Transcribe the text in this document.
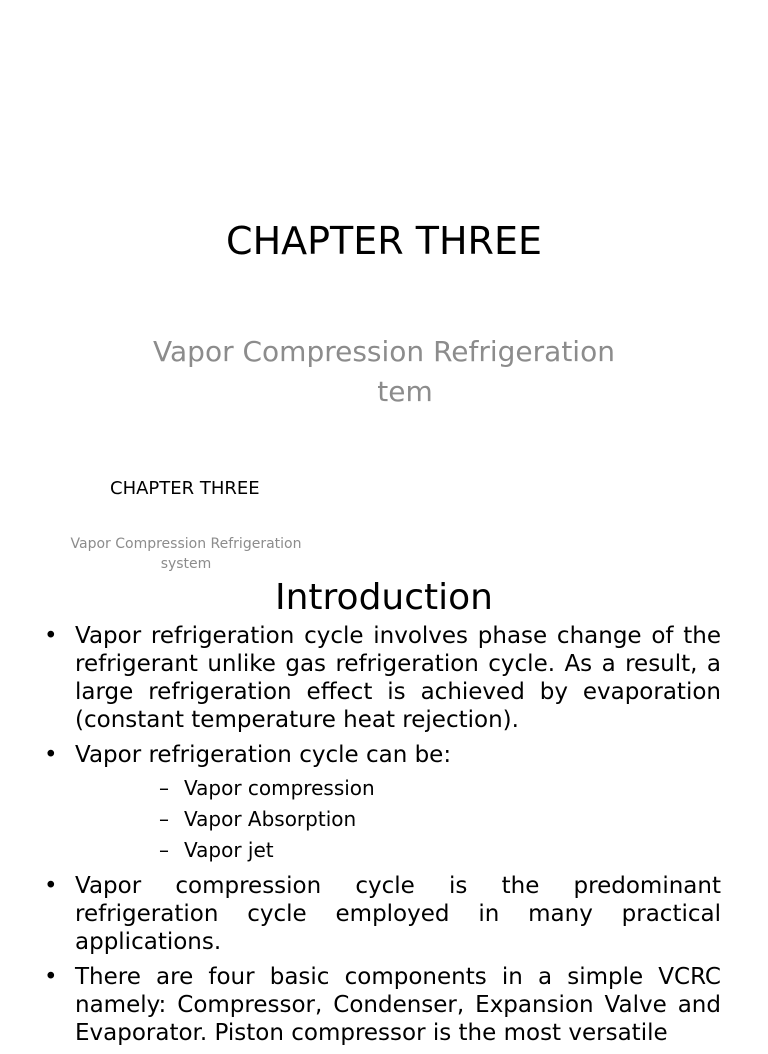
CHAPTER THREE

Vapor Compression Refrigeration
tem

CHAPTER THREE
Vapor Compression Refrigeration
system
Introduction
• Vapor refrigeration cycle involves phase change of the refrigerant unlike gas refrigeration cycle. As a result, a large refrigeration effect is achieved by evaporation (constant temperature heat rejection).
• Vapor refrigeration cycle can be:
– Vapor compression
– Vapor Absorption
– Vapor jet
• Vapor compression cycle is the predominant refrigeration cycle employed in many practical applications.
• There are four basic components in a simple VCRC namely: Compressor, Condenser, Expansion Valve and Evaporator. Piston compressor is the most versatile
